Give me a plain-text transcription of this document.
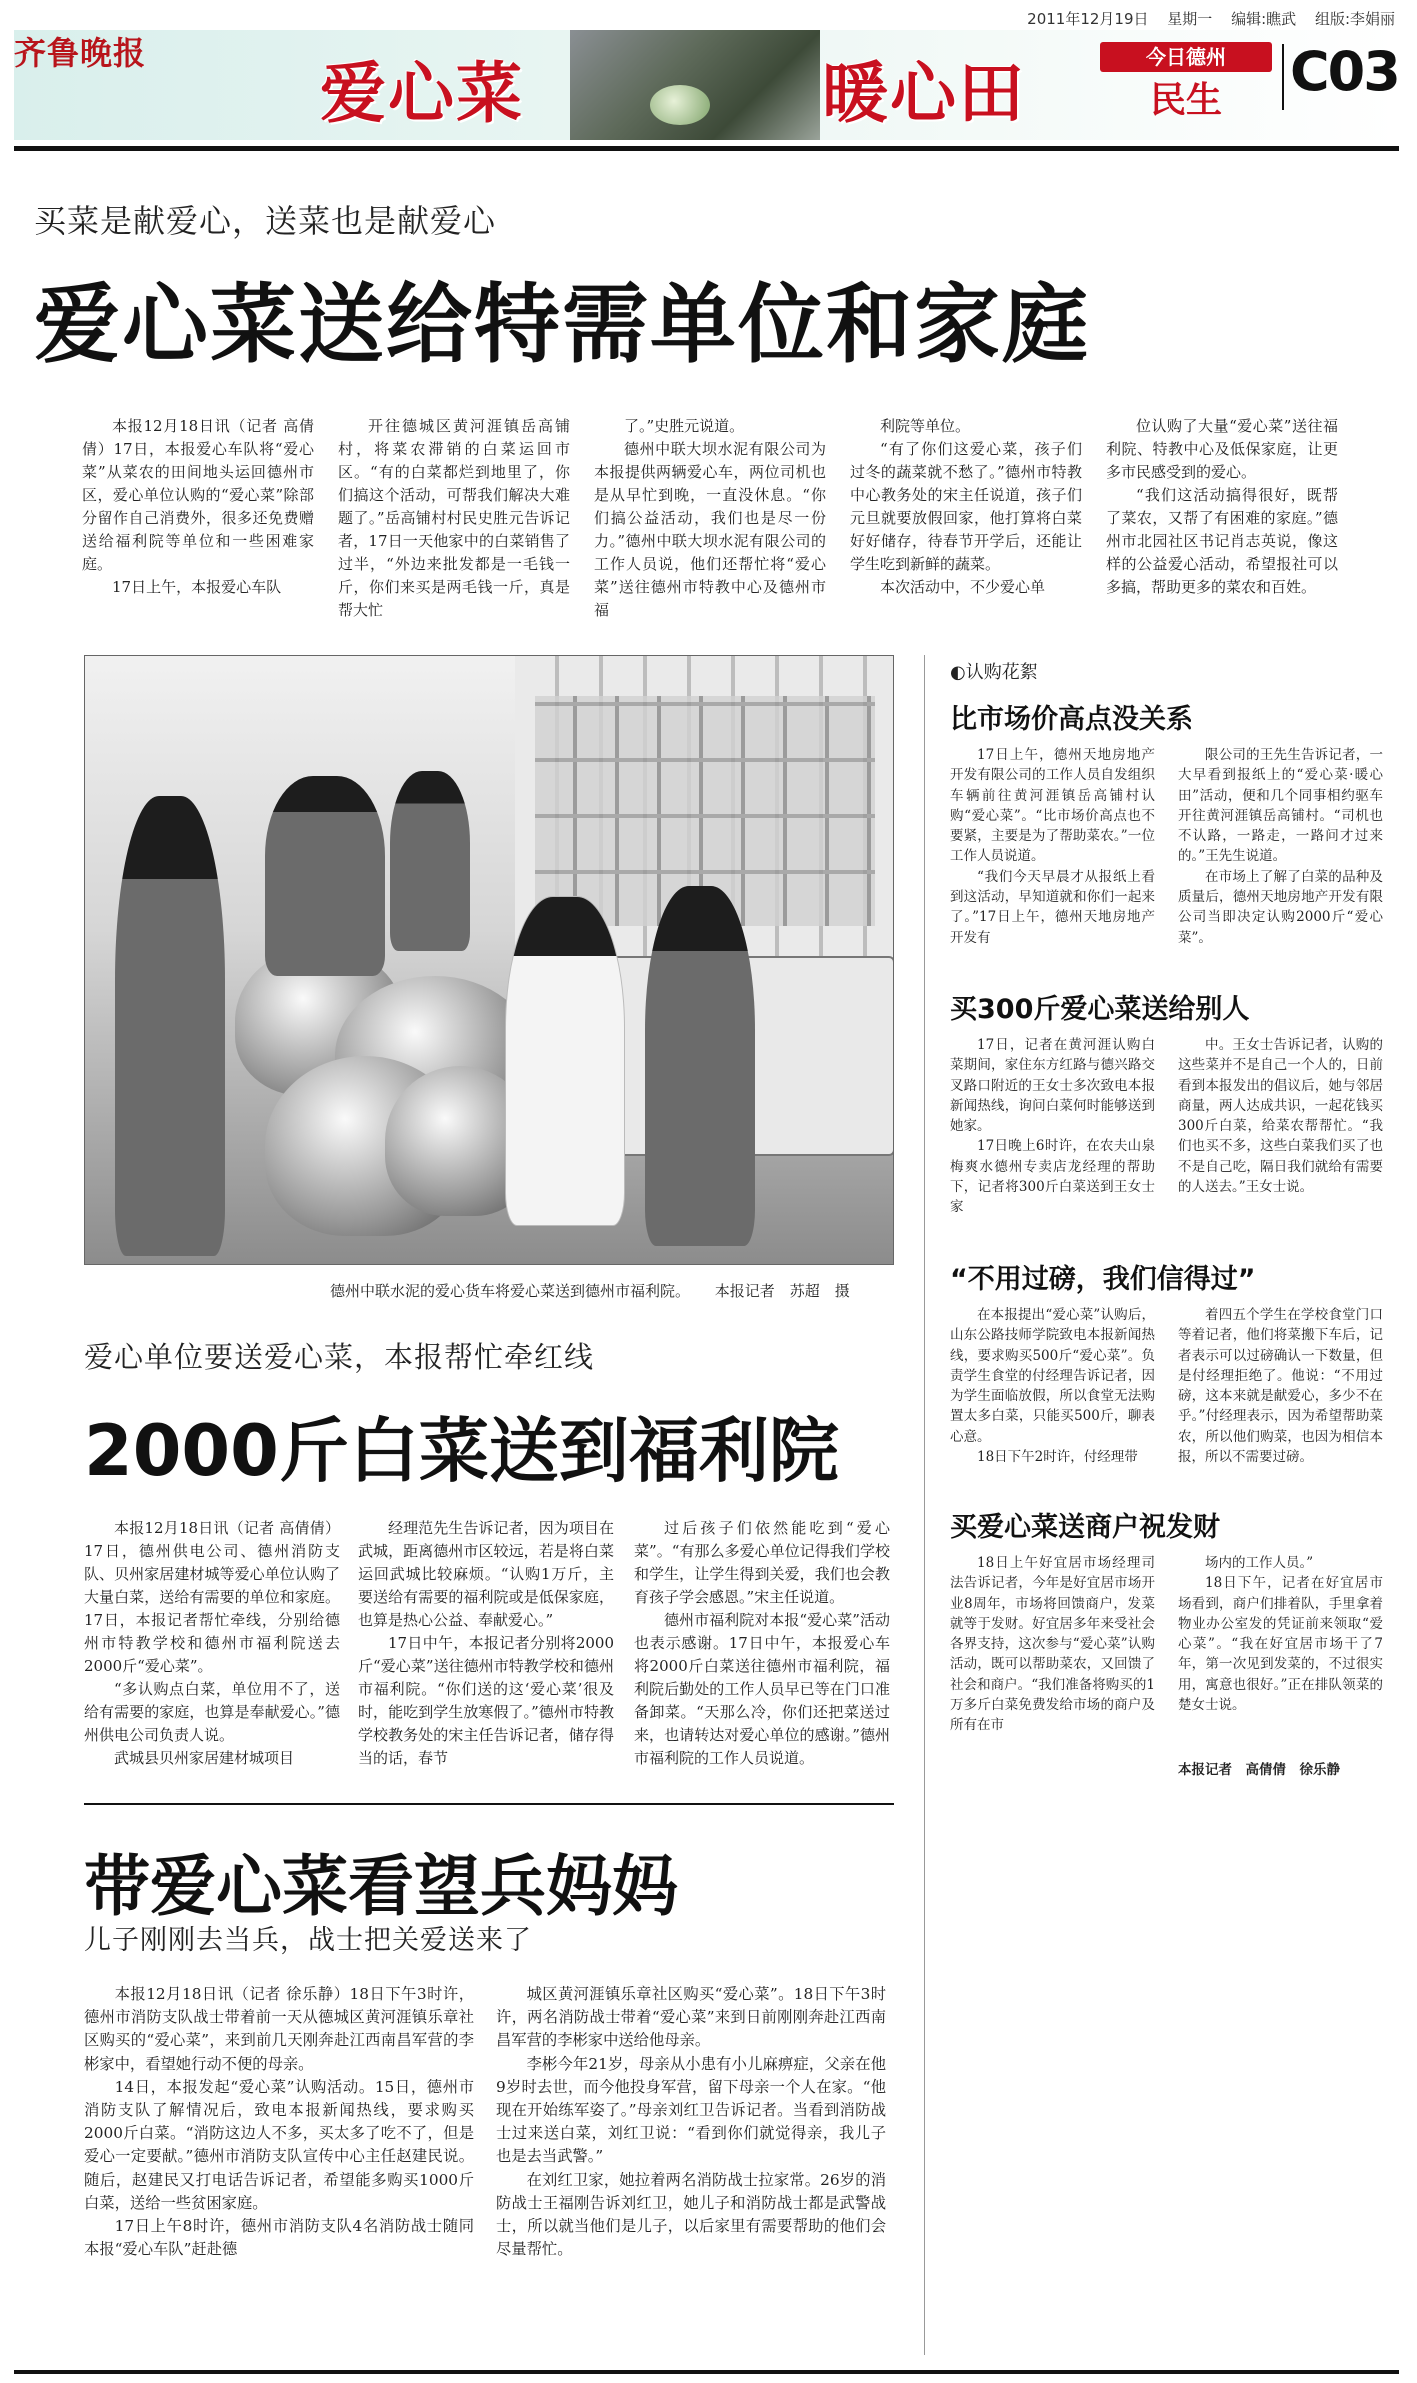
齐鲁晚报
2011年12月19日 星期一 编辑:瞧武 组版:李娟丽
爱心菜	暖心田	今日德州
民生	C03
买菜是献爱心，送菜也是献爱心
爱心菜送给特需单位和家庭

本报12月18日讯（记者 高倩倩）17日，本报爱心车队将“爱心菜”从菜农的田间地头运回德州市区，爱心单位认购的“爱心菜”除部分留作自己消费外，很多还免费赠送给福利院等单位和一些困难家庭。

17日上午，本报爱心车队

开往德城区黄河涯镇岳高铺村，将菜农滞销的白菜运回市区。“有的白菜都烂到地里了，你们搞这个活动，可帮我们解决大难题了。”岳高铺村村民史胜元告诉记者，17日一天他家中的白菜销售了过半，“外边来批发都是一毛钱一斤，你们来买是两毛钱一斤，真是帮大忙

了。”史胜元说道。

德州中联大坝水泥有限公司为本报提供两辆爱心车，两位司机也是从早忙到晚，一直没休息。“你们搞公益活动，我们也是尽一份力。”德州中联大坝水泥有限公司的工作人员说，他们还帮忙将“爱心菜”送往德州市特教中心及德州市福

利院等单位。

“有了你们这爱心菜，孩子们过冬的蔬菜就不愁了。”德州市特教中心教务处的宋主任说道，孩子们元旦就要放假回家，他打算将白菜好好储存，待春节开学后，还能让学生吃到新鲜的蔬菜。

本次活动中，不少爱心单

位认购了大量“爱心菜”送往福利院、特教中心及低保家庭，让更多市民感受到的爱心。

“我们这活动搞得很好，既帮了菜农，又帮了有困难的家庭。”德州市北园社区书记肖志英说，像这样的公益爱心活动，希望报社可以多搞，帮助更多的菜农和百姓。

德州中联水泥的爱心货车将爱心菜送到德州市福利院。 本报记者　苏超　摄
爱心单位要送爱心菜，本报帮忙牵红线
2000斤白菜送到福利院

本报12月18日讯（记者 高倩倩）17日，德州供电公司、德州消防支队、贝州家居建材城等爱心单位认购了大量白菜，送给有需要的单位和家庭。17日，本报记者帮忙牵线，分别给德州市特教学校和德州市福利院送去2000斤“爱心菜”。

“多认购点白菜，单位用不了，送给有需要的家庭，也算是奉献爱心。”德州供电公司负责人说。

武城县贝州家居建材城项目

经理范先生告诉记者，因为项目在武城，距离德州市区较远，若是将白菜运回武城比较麻烦。“认购1万斤，主要送给有需要的福利院或是低保家庭，也算是热心公益、奉献爱心。”

17日中午，本报记者分别将2000斤“爱心菜”送往德州市特教学校和德州市福利院。“你们送的这‘爱心菜’很及时，能吃到学生放寒假了。”德州市特教学校教务处的宋主任告诉记者，储存得当的话，春节

过后孩子们依然能吃到“爱心菜”。“有那么多爱心单位记得我们学校和学生，让学生得到关爱，我们也会教育孩子学会感恩。”宋主任说道。

德州市福利院对本报“爱心菜”活动也表示感谢。17日中午，本报爱心车将2000斤白菜送往德州市福利院，福利院后勤处的工作人员早已等在门口准备卸菜。“天那么冷，你们还把菜送过来，也请转达对爱心单位的感谢。”德州市福利院的工作人员说道。

带爱心菜看望兵妈妈
儿子刚刚去当兵，战士把关爱送来了

本报12月18日讯（记者 徐乐静）18日下午3时许，德州市消防支队战士带着前一天从德城区黄河涯镇乐章社区购买的“爱心菜”，来到前几天刚奔赴江西南昌军营的李彬家中，看望她行动不便的母亲。

14日，本报发起“爱心菜”认购活动。15日，德州市消防支队了解情况后，致电本报新闻热线，要求购买2000斤白菜。“消防这边人不多，买太多了吃不了，但是爱心一定要献。”德州市消防支队宣传中心主任赵建民说。随后，赵建民又打电话告诉记者，希望能多购买1000斤白菜，送给一些贫困家庭。

17日上午8时许，德州市消防支队4名消防战士随同本报“爱心车队”赶赴德

城区黄河涯镇乐章社区购买“爱心菜”。18日下午3时许，两名消防战士带着“爱心菜”来到日前刚刚奔赴江西南昌军营的李彬家中送给他母亲。

李彬今年21岁，母亲从小患有小儿麻痹症，父亲在他9岁时去世，而今他投身军营，留下母亲一个人在家。“他现在开始练军姿了。”母亲刘红卫告诉记者。当看到消防战士过来送白菜，刘红卫说：“看到你们就觉得亲，我儿子也是去当武警。”

在刘红卫家，她拉着两名消防战士拉家常。26岁的消防战士王福刚告诉刘红卫，她儿子和消防战士都是武警战士，所以就当他们是儿子，以后家里有需要帮助的他们会尽量帮忙。

◐认购花絮
比市场价高点没关系

17日上午，德州天地房地产开发有限公司的工作人员自发组织车辆前往黄河涯镇岳高铺村认购“爱心菜”。“比市场价高点也不要紧，主要是为了帮助菜农。”一位工作人员说道。

“我们今天早晨才从报纸上看到这活动，早知道就和你们一起来了。”17日上午，德州天地房地产开发有

限公司的王先生告诉记者，一大早看到报纸上的“爱心菜·暖心田”活动，便和几个同事相约驱车开往黄河涯镇岳高铺村。“司机也不认路，一路走，一路问才过来的。”王先生说道。

在市场上了解了白菜的品种及质量后，德州天地房地产开发有限公司当即决定认购2000斤“爱心菜”。

买300斤爱心菜送给别人

17日，记者在黄河涯认购白菜期间，家住东方红路与德兴路交叉路口附近的王女士多次致电本报新闻热线，询问白菜何时能够送到她家。

17日晚上6时许，在农夫山泉梅爽水德州专卖店龙经理的帮助下，记者将300斤白菜送到王女士家

中。王女士告诉记者，认购的这些菜并不是自己一个人的，日前看到本报发出的倡议后，她与邻居商量，两人达成共识，一起花钱买300斤白菜，给菜农帮帮忙。“我们也买不多，这些白菜我们买了也不是自己吃，隔日我们就给有需要的人送去。”王女士说。

“不用过磅，我们信得过”

在本报提出“爱心菜”认购后，山东公路技师学院致电本报新闻热线，要求购买500斤“爱心菜”。负责学生食堂的付经理告诉记者，因为学生面临放假，所以食堂无法购置太多白菜，只能买500斤，聊表心意。

18日下午2时许，付经理带

着四五个学生在学校食堂门口等着记者，他们将菜搬下车后，记者表示可以过磅确认一下数量，但是付经理拒绝了。他说：“不用过磅，这本来就是献爱心，多少不在乎。”付经理表示，因为希望帮助菜农，所以他们购菜，也因为相信本报，所以不需要过磅。

买爱心菜送商户祝发财

18日上午好宜居市场经理司法告诉记者，今年是好宜居市场开业8周年，市场将回馈商户，发菜就等于发财。好宜居多年来受社会各界支持，这次参与“爱心菜”认购活动，既可以帮助菜农，又回馈了社会和商户。“我们准备将购买的1万多斤白菜免费发给市场的商户及所有在市

场内的工作人员。”

18日下午，记者在好宜居市场看到，商户们排着队，手里拿着物业办公室发的凭证前来领取“爱心菜”。“我在好宜居市场干了7年，第一次见到发菜的，不过很实用，寓意也很好。”正在排队领菜的楚女士说。

本报记者　高倩倩　徐乐静
